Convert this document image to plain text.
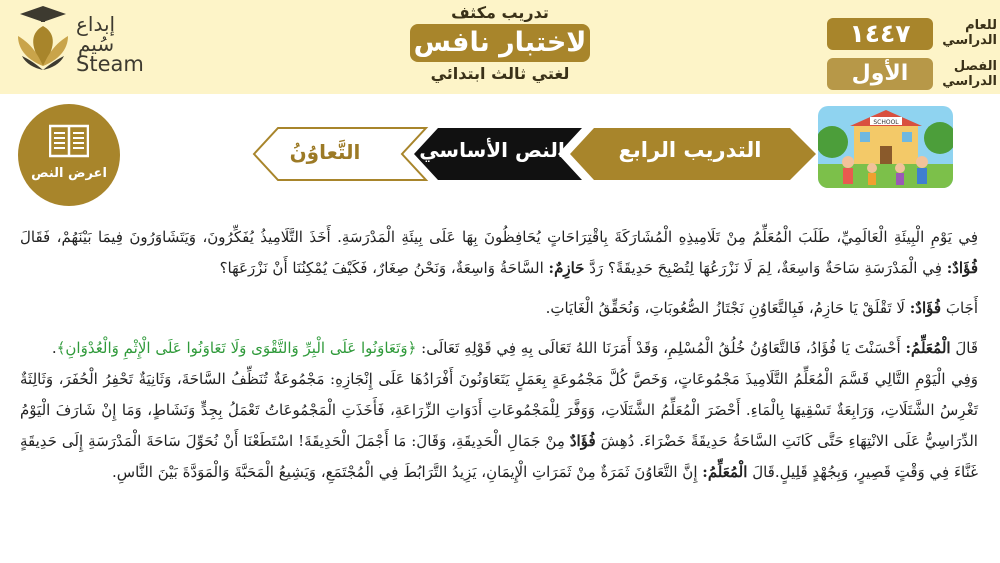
إبداع
سُيم
Steam
تدريب مكثف
لاختبار نافس
لغتي ثالث ابتدائي
١٤٤٧	للعام
الدراسي
الأول	الفصل
الدراسي
اعرض النص
التَّعاوُنُ	النص الأساسي	التدريب الرابع
SCHOOL

فِي يَوْمِ الْبِيئَةِ الْعَالَمِيِّ، طَلَبَ الْمُعَلِّمُ مِنْ تَلَامِيذِهِ الْمُشَارَكَةَ بِاقْتِرَاحَاتٍ يُحَافِظُونَ بِهَا عَلَى بِيئَةِ الْمَدْرَسَةِ. أَخَذَ التَّلَامِيذُ يُفَكِّرُونَ، وَيَتَشَاوَرُونَ فِيمَا بَيْنَهُمْ، فَقَالَ فُؤَادٌ: فِي الْمَدْرَسَةِ سَاحَةٌ وَاسِعَةٌ، لِمَ لَا نَزْرَعُهَا لِتُصْبِحَ حَدِيقَةً؟ رَدَّ حَازِمٌ: السَّاحَةُ وَاسِعَةٌ، وَنَحْنُ صِغَارٌ، فَكَيْفَ يُمْكِنُنَا أَنْ نَزْرَعَهَا؟

أَجَابَ فُؤَادٌ: لَا تَقْلَقْ يَا حَازِمُ، فَبِالتَّعَاوُنِ نَجْتَازُ الصُّعُوبَاتِ، وَنُحَقِّقُ الْغَايَاتِ.

قَالَ الْمُعَلِّمُ: أَحْسَنْتَ يَا فُؤَادُ، فَالتَّعَاوُنُ خُلُقُ الْمُسْلِمِ، وَقَدْ أَمَرَنَا اللهُ تَعَالَى بِهِ فِي قَوْلِهِ تَعَالَى: ﴿وَتَعَاوَنُوا عَلَى الْبِرِّ وَالتَّقْوَى وَلَا تَعَاوَنُوا عَلَى الْإِثْمِ وَالْعُدْوَانِ﴾.

وَفِي الْيَوْمِ التَّالِي قَسَّمَ الْمُعَلِّمُ التَّلَامِيذَ مَجْمُوعَاتٍ، وَخَصَّ كُلَّ مَجْمُوعَةٍ بِعَمَلٍ يَتَعَاوَنُونَ أَفْرَادُهَا عَلَى إِنْجَازِهِ: مَجْمُوعَةٌ تُنَظِّفُ السَّاحَةَ، وَثَانِيَةٌ تَحْفِرُ الْحُفَرَ، وَثَالِثَةٌ تَغْرِسُ الشَّتَلَاتِ، وَرَابِعَةٌ تَسْقِيهَا بِالْمَاءِ. أَحْضَرَ الْمُعَلِّمُ الشَّتَلَاتِ، وَوَفَّرَ لِلْمَجْمُوعَاتِ أَدَوَاتِ الزِّرَاعَةِ، فَأَخَذَتِ الْمَجْمُوعَاتُ تَعْمَلُ بِجِدٍّ وَنَشَاطٍ، وَمَا إِنْ شَارَفَ الْيَوْمُ الدِّرَاسِيُّ عَلَى الانْتِهَاءِ حَتَّى كَانَتِ السَّاحَةُ حَدِيقَةً خَضْرَاءَ. دُهِشَ فُؤَادٌ مِنْ جَمَالِ الْحَدِيقَةِ، وَقَالَ: مَا أَجْمَلَ الْحَدِيقَةَ! اسْتَطَعْنَا أَنْ نُحَوِّلَ سَاحَةَ الْمَدْرَسَةِ إِلَى حَدِيقَةٍ غَنَّاءَ فِي وَقْتٍ قَصِيرٍ، وَبِجُهْدٍ قَلِيلٍ.قَالَ الْمُعَلِّمُ: إِنَّ التَّعَاوُنَ ثَمَرَةٌ مِنْ ثَمَرَاتِ الْإِيمَانِ، يَزِيدُ التَّرَابُطَ فِي الْمُجْتَمَعِ، وَيَشِيعُ الْمَحَبَّةَ وَالْمَوَدَّةَ بَيْنَ النَّاسِ.
